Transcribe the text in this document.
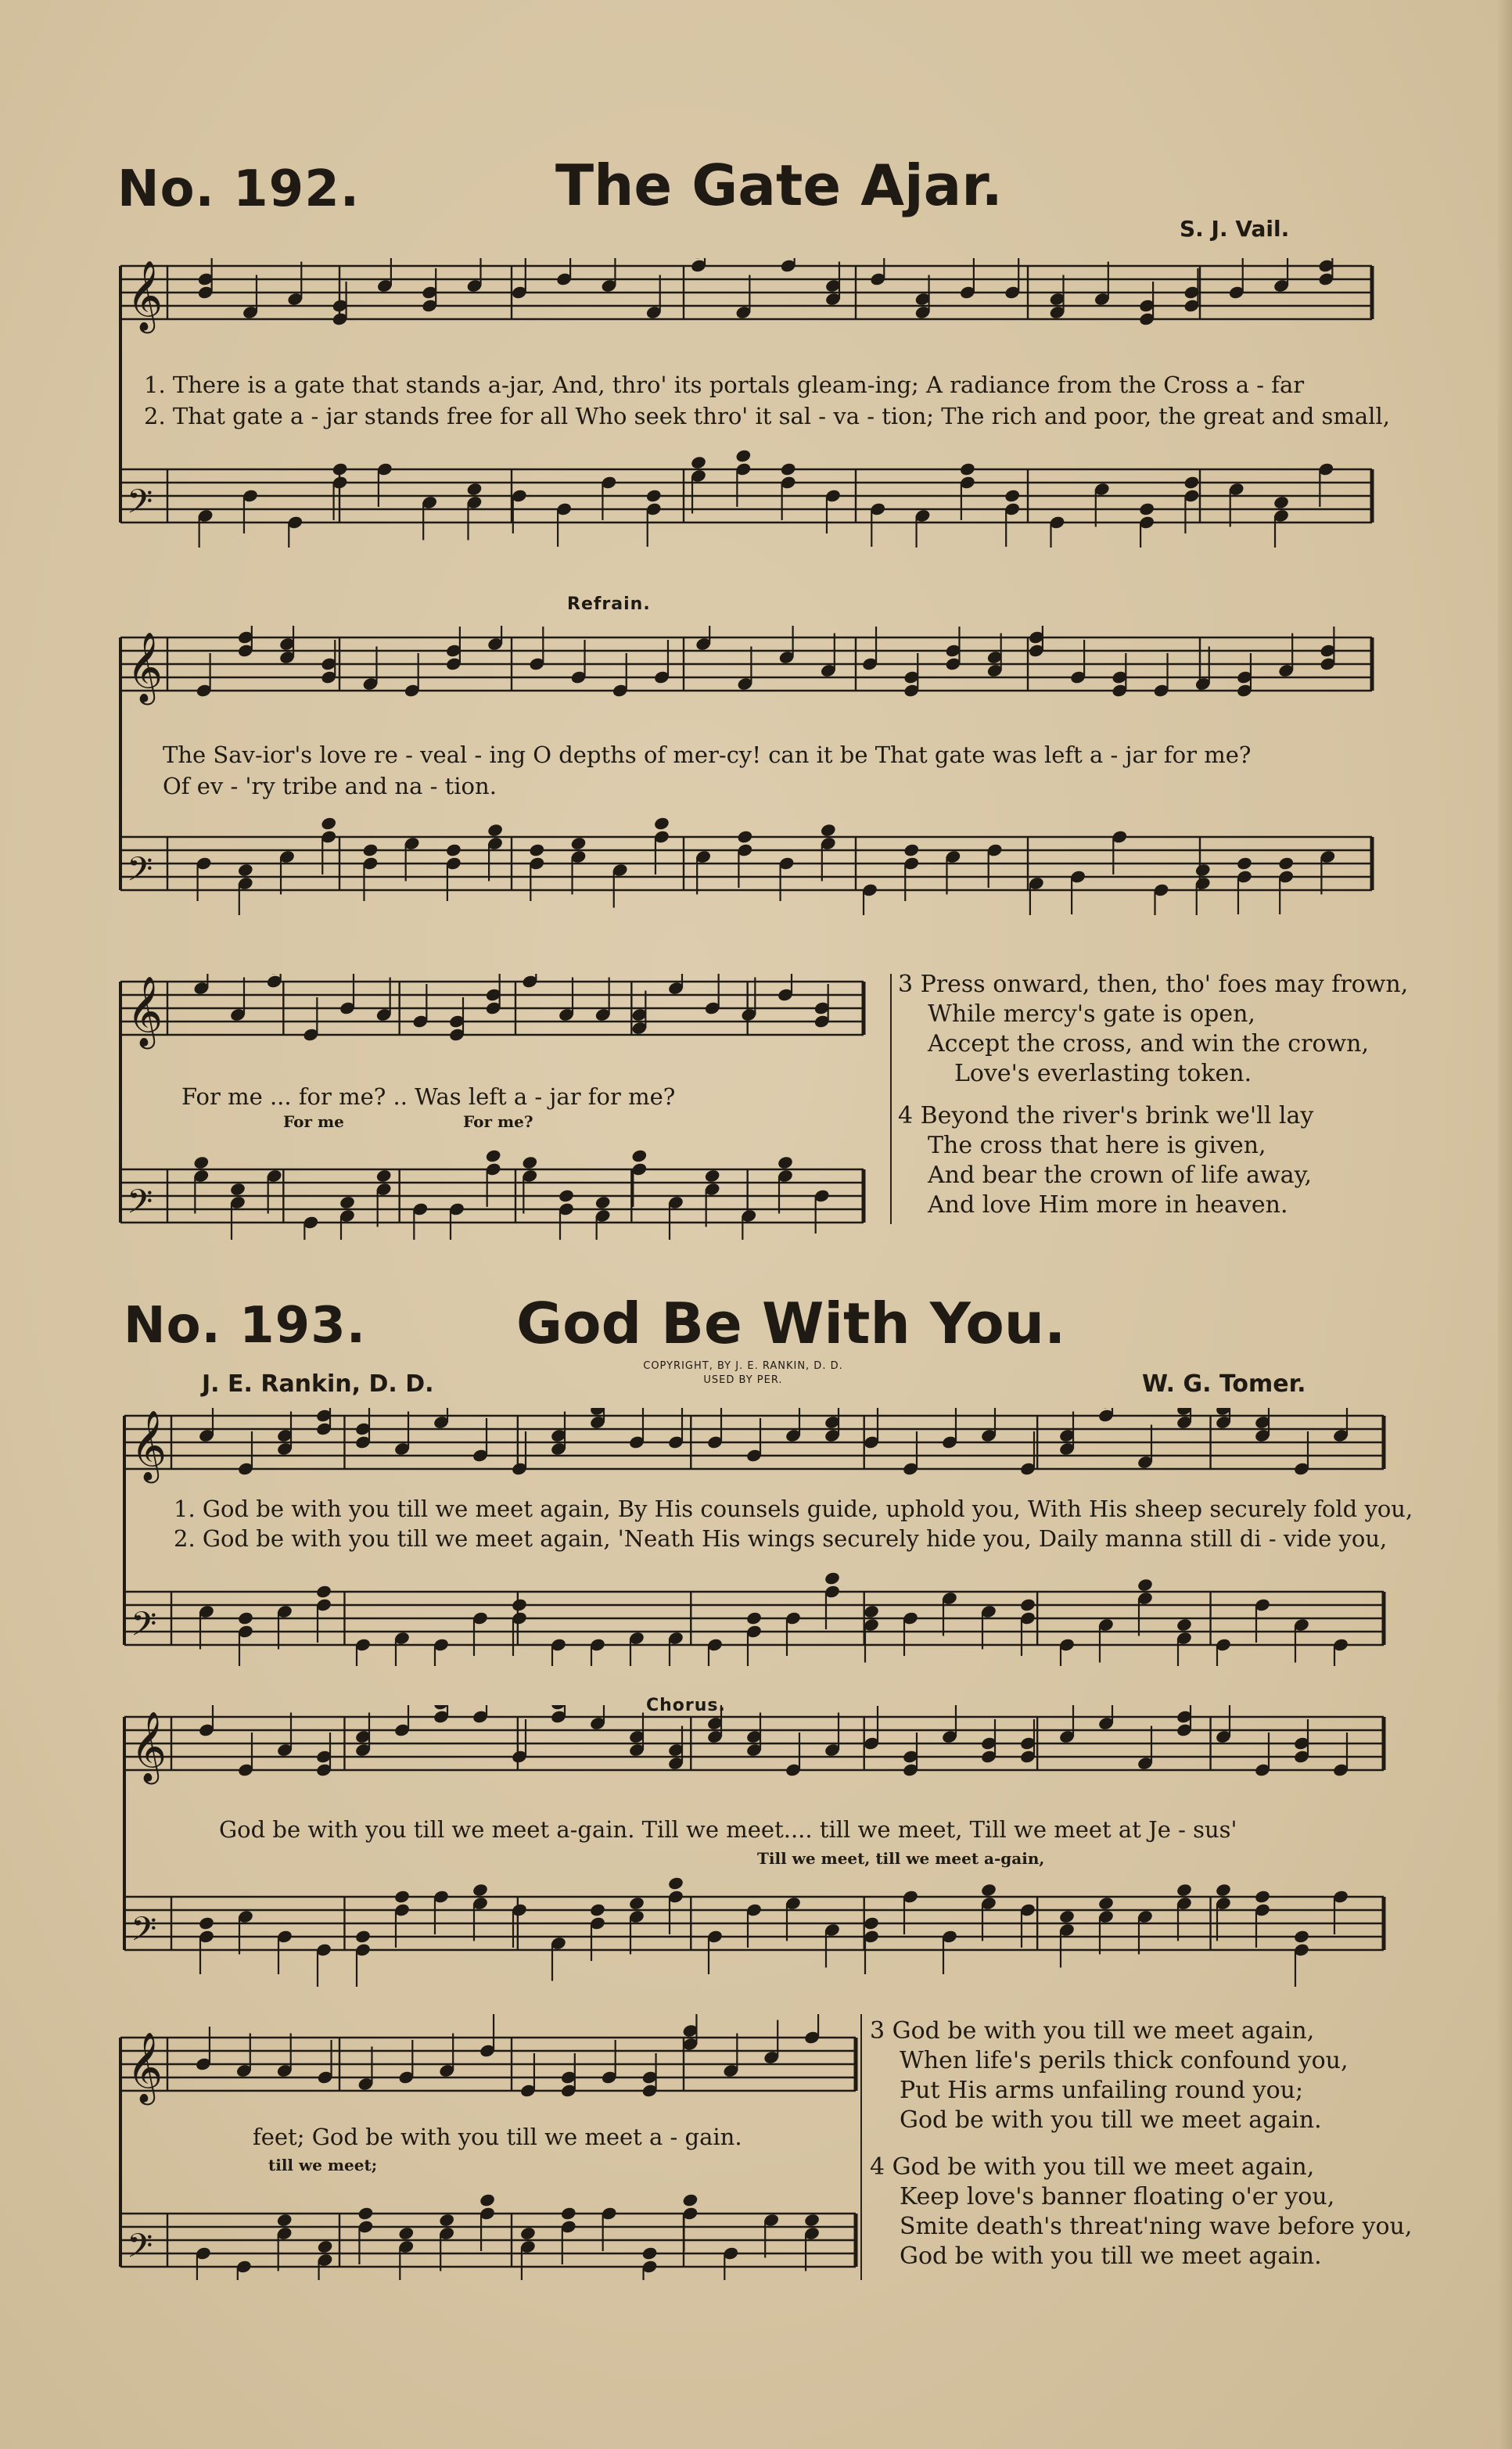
No. 192.	The Gate Ajar.
S. J. Vail.
𝄞
𝄢
1. There is a gate that stands a-jar, And, thro' its portals gleam-ing; A radiance from the Cross a - far
2. That gate a - jar stands free for all Who seek thro' it sal - va - tion; The rich and poor, the great and small,
Refrain.
𝄞
𝄢
The Sav-ior's love re - veal - ing O depths of mer-cy! can it be That gate was left a - jar for me?
Of ev - 'ry tribe and na - tion.
𝄞
𝄢
For me ... for me? .. Was left a - jar for me?
For me	For me?
3 Press onward, then, tho' foes may frown,
While mercy's gate is open,
Accept the cross, and win the crown,
Love's everlasting token.
4 Beyond the river's brink we'll lay
The cross that here is given,
And bear the crown of life away,
And love Him more in heaven.
No. 193.	God Be With You.
J. E. Rankin, D. D.
COPYRIGHT, BY J. E. RANKIN, D. D.
USED BY PER.	W. G. Tomer.
𝄞
𝄢
1. God be with you till we meet again, By His counsels guide, uphold you, With His sheep securely fold you,
2. God be with you till we meet again, 'Neath His wings securely hide you, Daily manna still di - vide you,
Chorus.
𝄞
𝄢
God be with you till we meet a-gain. Till we meet.... till we meet, Till we meet at Je - sus'
Till we meet, till we meet a-gain,
𝄞
𝄢
feet; God be with you till we meet a - gain.
till we meet;
3 God be with you till we meet again,
When life's perils thick confound you,
Put His arms unfailing round you;
God be with you till we meet again.
4 God be with you till we meet again,
Keep love's banner floating o'er you,
Smite death's threat'ning wave before you,
God be with you till we meet again.
